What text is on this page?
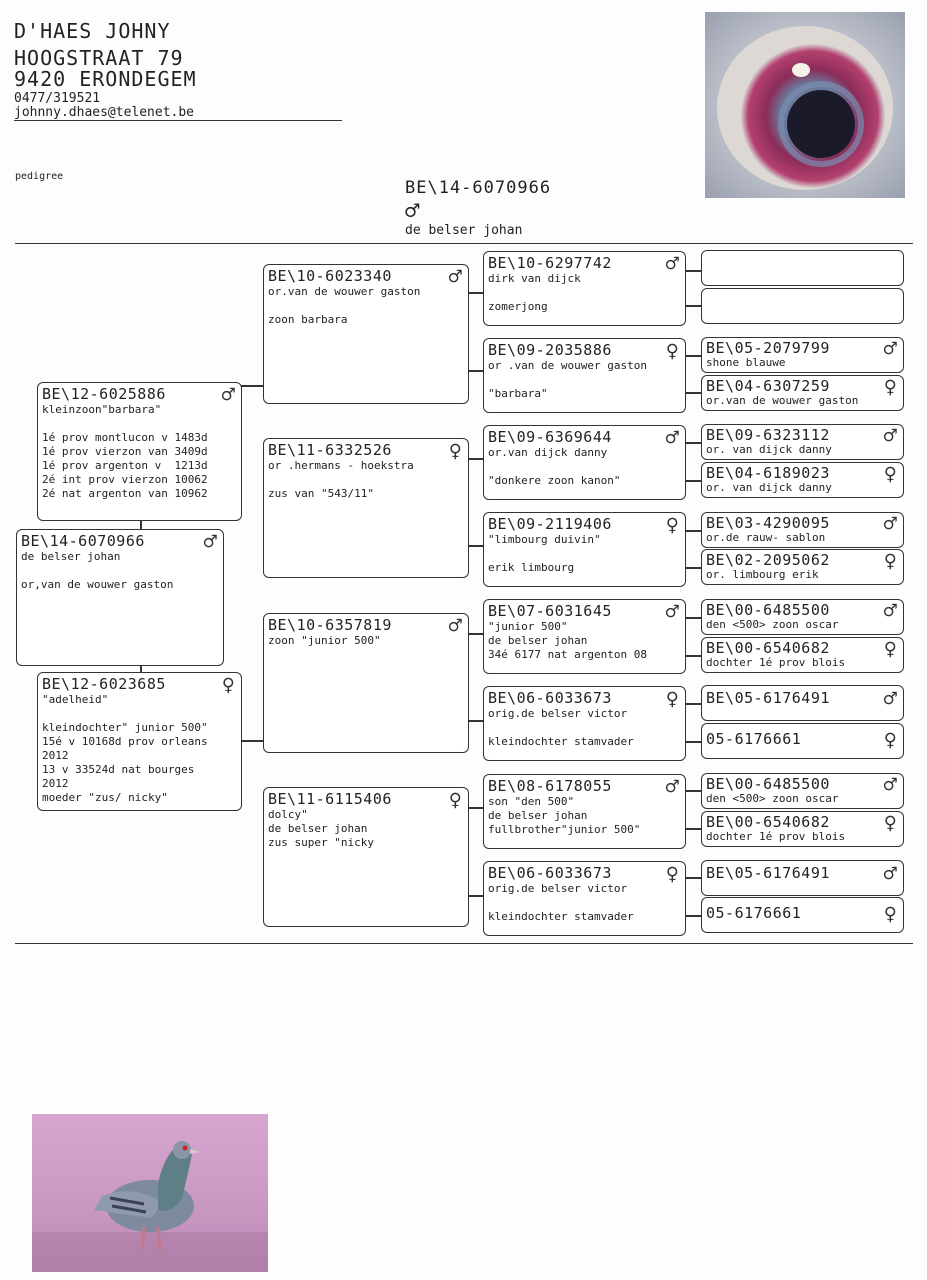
D'HAES JOHNY
HOOGSTRAAT 79
9420 ERONDEGEM
0477/319521
johnny.dhaes@telenet.be
pedigree
BE\14-6070966
♂
de belser johan
BE\12-6025886	♂
kleinzoon"barbara"
1é prov montlucon v 1483d
1é prov vierzon van 3409d
1é prov argenton v  1213d
2é int prov vierzon 10062
2é nat argenton van 10962
BE\14-6070966	♂
de belser johan
or,van de wouwer gaston
BE\12-6023685	♀
"adelheid"
kleindochter" junior 500"
15é v 10168d prov orleans
2012
13 v 33524d nat bourges
2012
moeder "zus/ nicky"
BE\10-6023340	♂
or.van de wouwer gaston
zoon barbara
BE\11-6332526	♀
or .hermans - hoekstra
zus van "543/11"
BE\10-6357819	♂
zoon "junior 500"
BE\11-6115406	♀
dolcy"
de belser johan
zus super "nicky
BE\10-6297742	♂
dirk van dijck
zomerjong
BE\09-2035886	♀
or .van de wouwer gaston
"barbara"
BE\09-6369644	♂
or.van dijck danny
"donkere zoon kanon"
BE\09-2119406	♀
"limbourg duivin"
erik limbourg
BE\07-6031645	♂
"junior 500"
de belser johan
34é 6177 nat argenton 08
BE\06-6033673	♀
orig.de belser victor
kleindochter stamvader
BE\08-6178055	♂
son "den 500"
de belser johan
fullbrother"junior 500"
BE\06-6033673	♀
orig.de belser victor
kleindochter stamvader
BE\05-2079799	♂
shone blauwe
BE\04-6307259	♀
or.van de wouwer gaston
BE\09-6323112	♂
or. van dijck danny
BE\04-6189023	♀
or. van dijck danny
BE\03-4290095	♂
or.de rauw- sablon
BE\02-2095062	♀
or. limbourg erik
BE\00-6485500	♂
den <500> zoon oscar
BE\00-6540682	♀
dochter 1é prov blois
BE\05-6176491	♂
05-6176661	♀
BE\00-6485500	♂
den <500> zoon oscar
BE\00-6540682	♀
dochter 1é prov blois
BE\05-6176491	♂
05-6176661	♀
